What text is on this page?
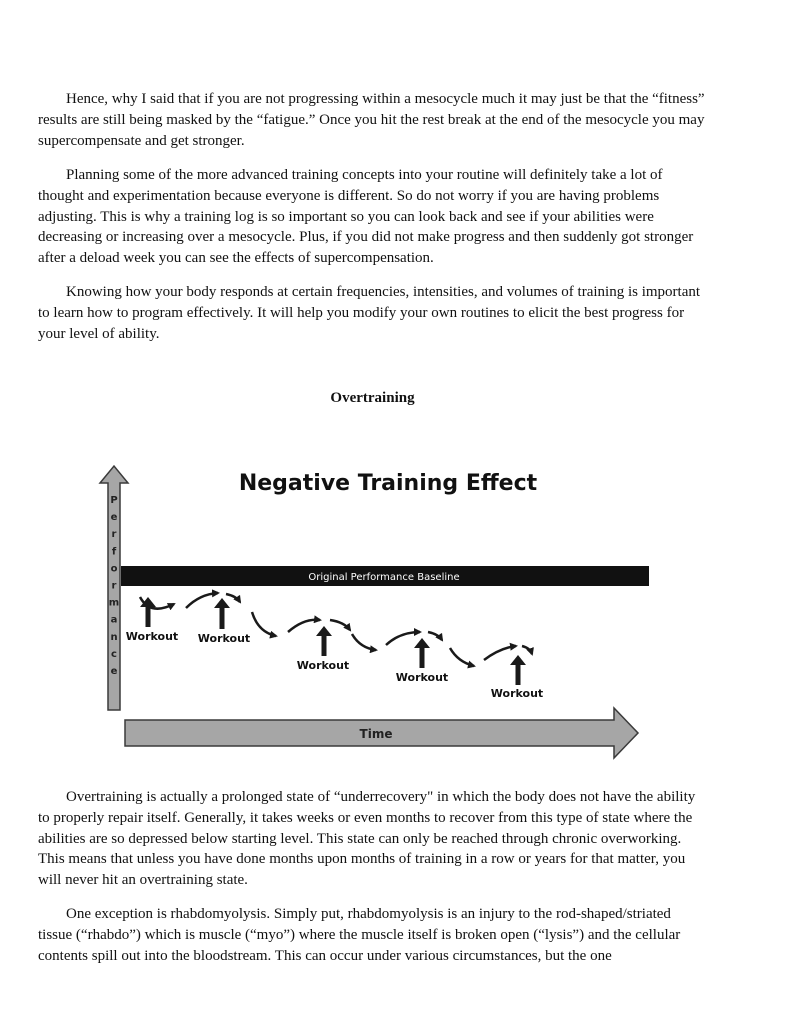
Hence, why I said that if you are not progressing within a mesocycle much it may just be that the “fitness” results are still being masked by the “fatigue.” Once you hit the rest break at the end of the mesocycle you may supercompensate and get stronger.

Planning some of the more advanced training concepts into your routine will definitely take a lot of thought and experimentation because everyone is different. So do not worry if you are having problems adjusting. This is why a training log is so important so you can look back and see if your abilities were decreasing or increasing over a mesocycle. Plus, if you did not make progress and then suddenly got stronger after a deload week you can see the effects of supercompensation.

Knowing how your body responds at certain frequencies, intensities, and volumes of training is important to learn how to program effectively. It will help you modify your own routines to elicit the best progress for your level of ability.

Overtraining
P
e
r
f
o
r
m
a
n
c
e
Negative Training Effect
Original Performance Baseline
Workout Workout
Workout
Workout
Workout
Time

Overtraining is actually a prolonged state of “underrecovery" in which the body does not have the ability to properly repair itself. Generally, it takes weeks or even months to recover from this type of state where the abilities are so depressed below starting level. This state can only be reached through chronic overworking. This means that unless you have done months upon months of training in a row or years for that matter, you will never hit an overtraining state.

One exception is rhabdomyolysis. Simply put, rhabdomyolysis is an injury to the rod-shaped/striated tissue (“rhabdo”) which is muscle (“myo”) where the muscle itself is broken open (“lysis”) and the cellular contents spill out into the bloodstream. This can occur under various circumstances, but the one
